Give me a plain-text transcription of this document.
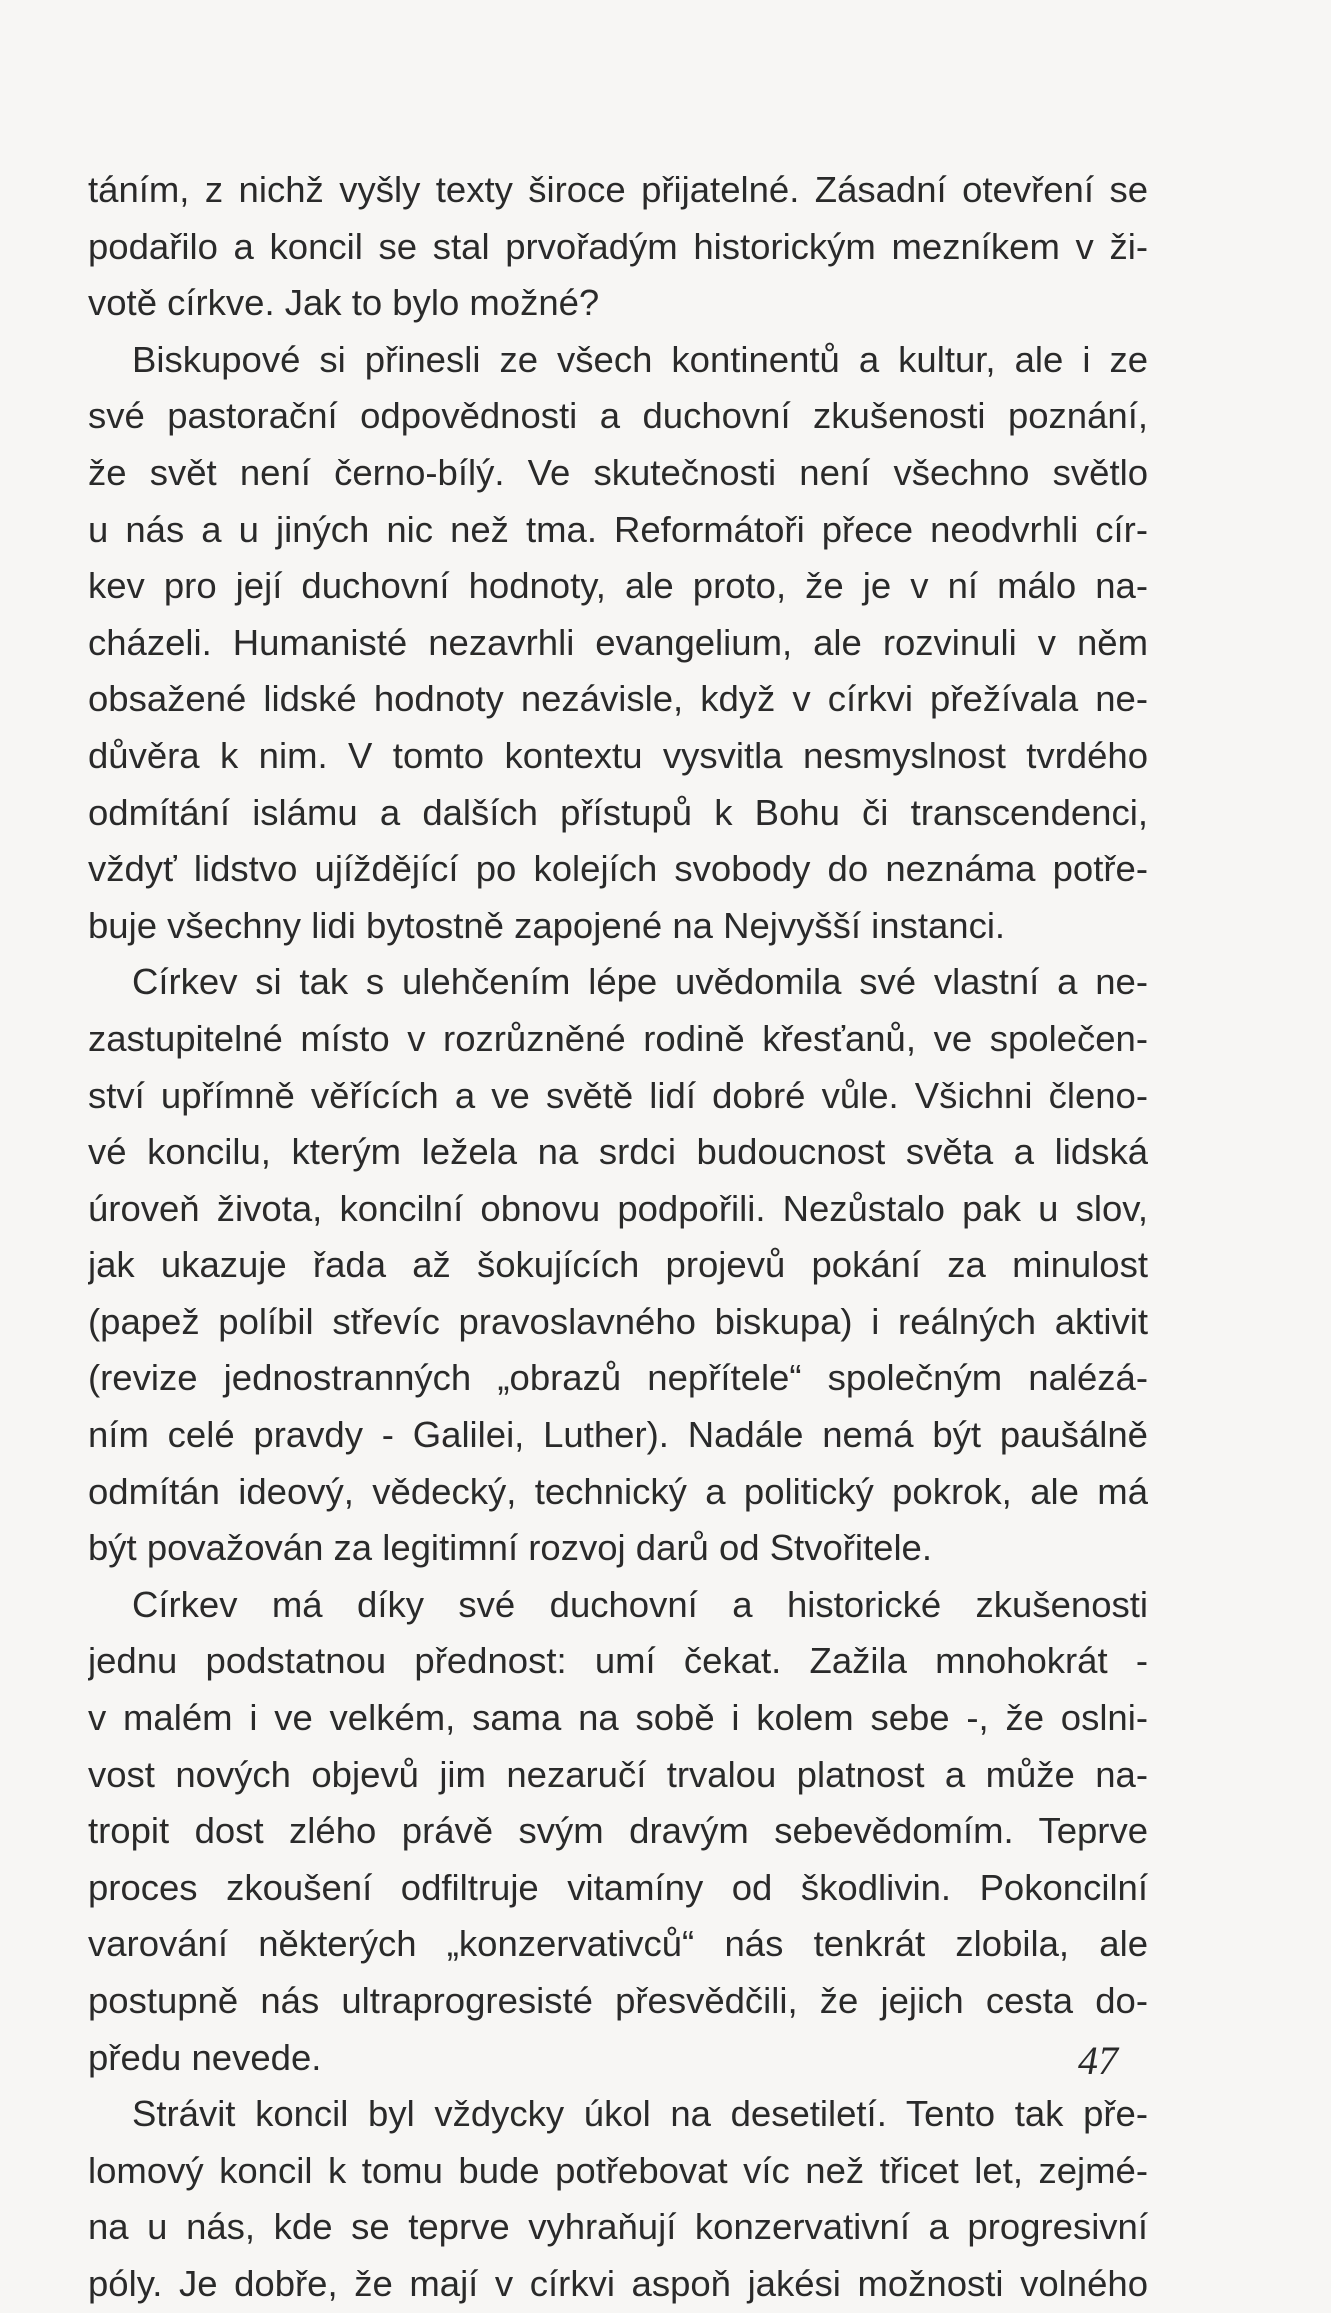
táním, z nichž vyšly texty široce přijatelné. Zásadní otevření se

podařilo a koncil se stal prvořadým historickým mezníkem v ži-

votě církve. Jak to bylo možné?

Biskupové si přinesli ze všech kontinentů a kultur, ale i ze

své pastorační odpovědnosti a duchovní zkušenosti poznání,

že svět není černo-bílý. Ve skutečnosti není všechno světlo

u nás a u jiných nic než tma. Reformátoři přece neodvrhli cír-

kev pro její duchovní hodnoty, ale proto, že je v ní málo na-

cházeli. Humanisté nezavrhli evangelium, ale rozvinuli v něm

obsažené lidské hodnoty nezávisle, když v církvi přežívala ne-

důvěra k nim. V tomto kontextu vysvitla nesmyslnost tvrdého

odmítání islámu a dalších přístupů k Bohu či transcendenci,

vždyť lidstvo ujíždějící po kolejích svobody do neznáma potře-

buje všechny lidi bytostně zapojené na Nejvyšší instanci.

Církev si tak s ulehčením lépe uvědomila své vlastní a ne-

zastupitelné místo v rozrůzněné rodině křesťanů, ve společen-

ství upřímně věřících a ve světě lidí dobré vůle. Všichni členo-

vé koncilu, kterým ležela na srdci budoucnost světa a lidská

úroveň života, koncilní obnovu podpořili. Nezůstalo pak u slov,

jak ukazuje řada až šokujících projevů pokání za minulost

(papež políbil střevíc pravoslavného biskupa) i reálných aktivit

(revize jednostranných „obrazů nepřítele“ společným nalézá-

ním celé pravdy - Galilei, Luther). Nadále nemá být paušálně

odmítán ideový, vědecký, technický a politický pokrok, ale má

být považován za legitimní rozvoj darů od Stvořitele.

Církev má díky své duchovní a historické zkušenosti

jednu podstatnou přednost: umí čekat. Zažila mnohokrát -

v malém i ve velkém, sama na sobě i kolem sebe -, že oslni-

vost nových objevů jim nezaručí trvalou platnost a může na-

tropit dost zlého právě svým dravým sebevědomím. Teprve

proces zkoušení odfiltruje vitamíny od škodlivin. Pokoncilní

varování některých „konzervativců“ nás tenkrát zlobila, ale

postupně nás ultraprogresisté přesvědčili, že jejich cesta do-

předu nevede.

Strávit koncil byl vždycky úkol na desetiletí. Tento tak pře-

lomový koncil k tomu bude potřebovat víc než třicet let, zejmé-

na u nás, kde se teprve vyhraňují konzervativní a progresivní

póly. Je dobře, že mají v církvi aspoň jakési možnosti volného

47
